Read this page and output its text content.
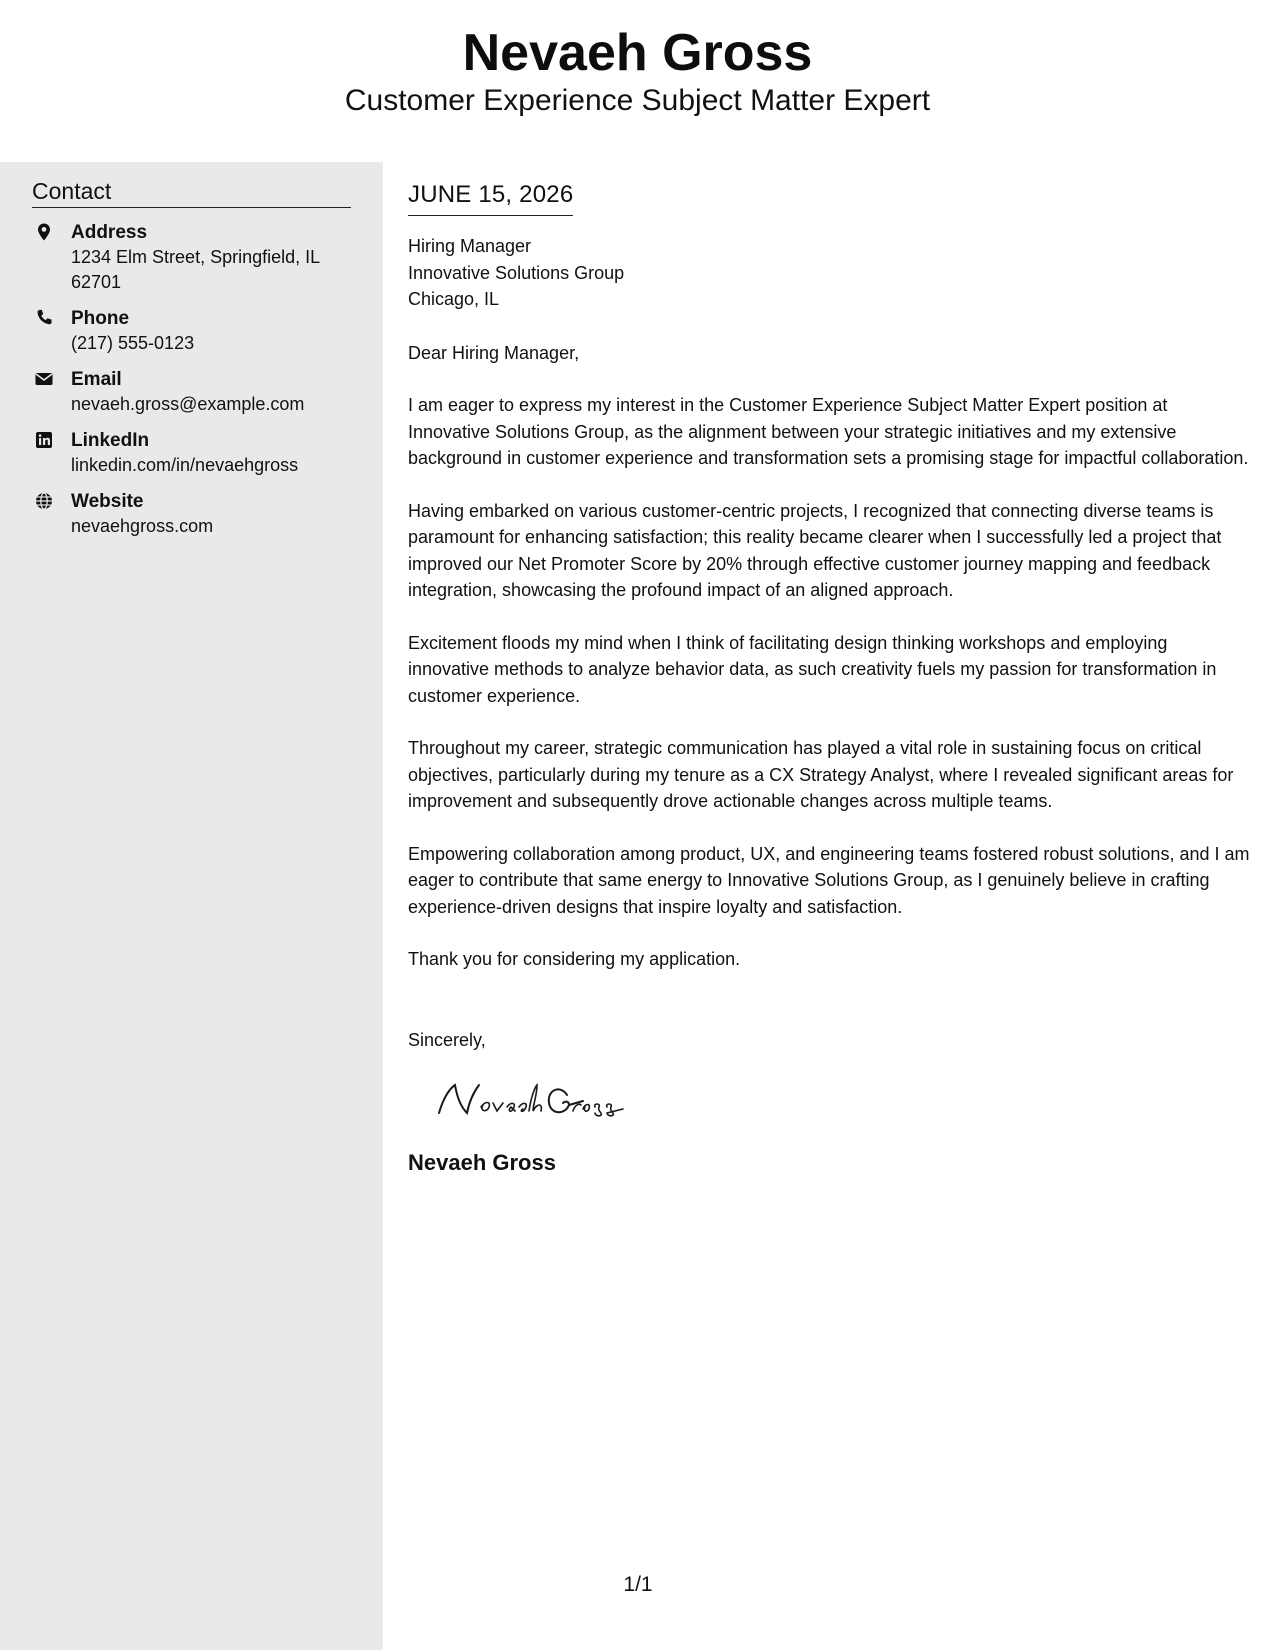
Nevaeh Gross
Customer Experience Subject Matter Expert
Contact
Address
1234 Elm Street, Springfield, IL 62701
Phone
(217) 555-0123
Email
nevaeh.gross@example.com
LinkedIn
linkedin.com/in/nevaehgross
Website
nevaehgross.com
JUNE 15, 2026
Hiring Manager
Innovative Solutions Group
Chicago, IL
Dear Hiring Manager,
I am eager to express my interest in the Customer Experience Subject Matter Expert position at Innovative Solutions Group, as the alignment between your strategic initiatives and my extensive background in customer experience and transformation sets a promising stage for impactful collaboration.
Having embarked on various customer-centric projects, I recognized that connecting diverse teams is paramount for enhancing satisfaction; this reality became clearer when I successfully led a project that improved our Net Promoter Score by 20% through effective customer journey mapping and feedback integration, showcasing the profound impact of an aligned approach.
Excitement floods my mind when I think of facilitating design thinking workshops and employing innovative methods to analyze behavior data, as such creativity fuels my passion for transformation in customer experience.
Throughout my career, strategic communication has played a vital role in sustaining focus on critical objectives, particularly during my tenure as a CX Strategy Analyst, where I revealed significant areas for improvement and subsequently drove actionable changes across multiple teams.
Empowering collaboration among product, UX, and engineering teams fostered robust solutions, and I am eager to contribute that same energy to Innovative Solutions Group, as I genuinely believe in crafting experience-driven designs that inspire loyalty and satisfaction.
Thank you for considering my application.
Sincerely,
Nevaeh Gross
1/1
